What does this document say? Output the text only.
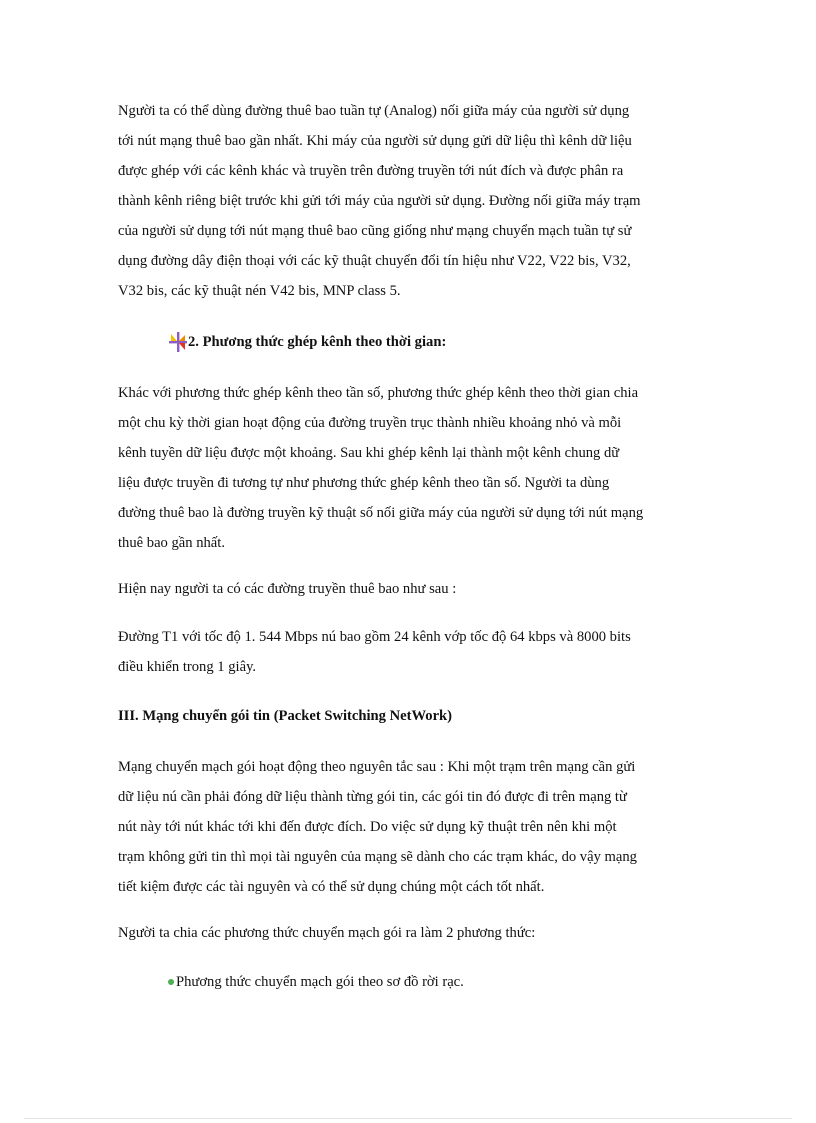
Người ta có thể dùng đường thuê bao tuần tự (Analog) nối giữa máy của người sử dụng
tới nút mạng thuê bao gần nhất. Khi máy của người sử dụng gửi dữ liệu thì kênh dữ liệu
được ghép với các kênh khác và truyền trên đường truyền tới nút đích và được phân ra
thành kênh riêng biệt trước khi gửi tới máy của người sử dụng. Đường nối giữa máy trạm
của người sử dụng tới nút mạng thuê bao cũng giống như mạng chuyển mạch tuần tự sử
dụng đường dây điện thoại với các kỹ thuật chuyển đổi tín hiệu như V22, V22 bis, V32,
V32 bis, các kỹ thuật nén V42 bis, MNP class 5.
2. Phương thức ghép kênh theo thời gian:
Khác với phương thức ghép kênh theo tần số, phương thức ghép kênh theo thời gian chia
một chu kỳ thời gian hoạt động của đường truyền trục thành nhiều khoảng nhỏ và mỗi
kênh tuyền dữ liệu được một khoảng. Sau khi ghép kênh lại thành một kênh chung dữ
liệu được truyền đi tương tự như phương thức ghép kênh theo tần số. Người ta dùng
đường thuê bao là đường truyền kỹ thuật số nối giữa máy của người sử dụng tới nút mạng
thuê bao gần nhất.
Hiện nay người ta có các đường truyền thuê bao như sau :
Đường T1 với tốc độ 1. 544 Mbps nú bao gồm 24 kênh vớp tốc độ 64 kbps và 8000 bits
điều khiển trong 1 giây.
III. Mạng chuyển gói tin (Packet Switching NetWork)
Mạng chuyển mạch gói hoạt động theo nguyên tắc sau : Khi một trạm trên mạng cần gửi
dữ liệu nú cần phải đóng dữ liệu thành từng gói tin, các gói tin đó được đi trên mạng từ
nút này tới nút khác tới khi đến được đích. Do việc sử dụng kỹ thuật trên nên khi một
trạm không gửi tin thì mọi tài nguyên của mạng sẽ dành cho các trạm khác, do vậy mạng
tiết kiệm được các tài nguyên và có thể sử dụng chúng một cách tốt nhất.
Người ta chia các phương thức chuyển mạch gói ra làm 2 phương thức:
Phương thức chuyển mạch gói theo sơ đồ rời rạc.
